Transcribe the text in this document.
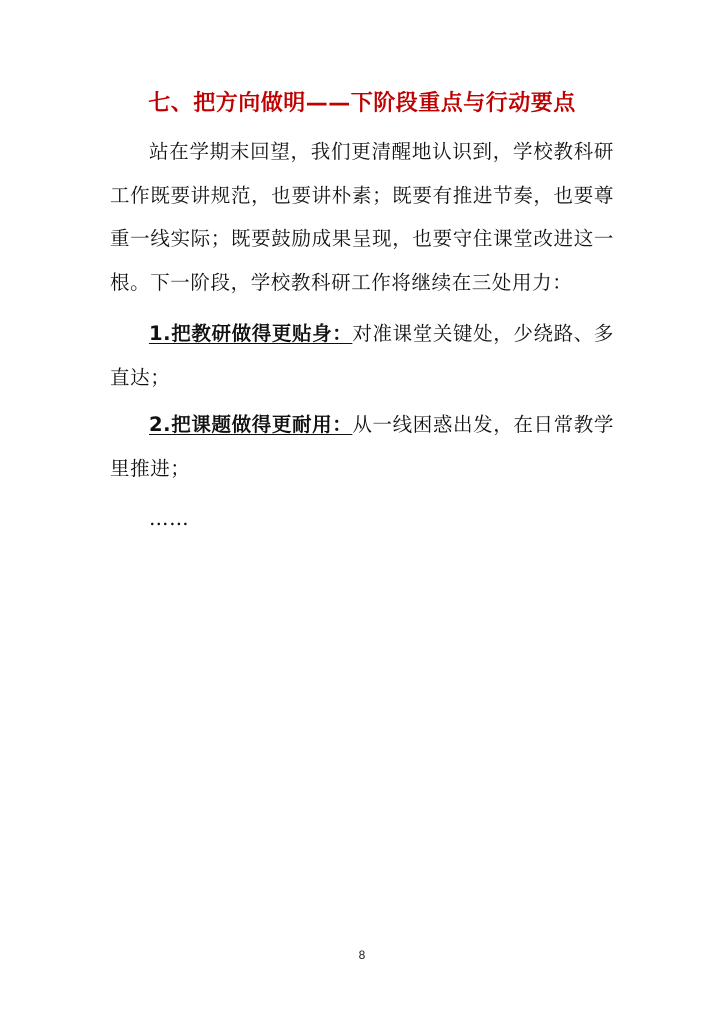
七、把方向做明——下阶段重点与行动要点

站在学期末回望，我们更清醒地认识到，学校教科研工作既要讲规范，也要讲朴素；既要有推进节奏，也要尊重一线实际；既要鼓励成果呈现，也要守住课堂改进这一根。下一阶段，学校教科研工作将继续在三处用力：

1.把教研做得更贴身：对准课堂关键处，少绕路、多直达；

2.把课题做得更耐用：从一线困惑出发，在日常教学里推进；

……

8
